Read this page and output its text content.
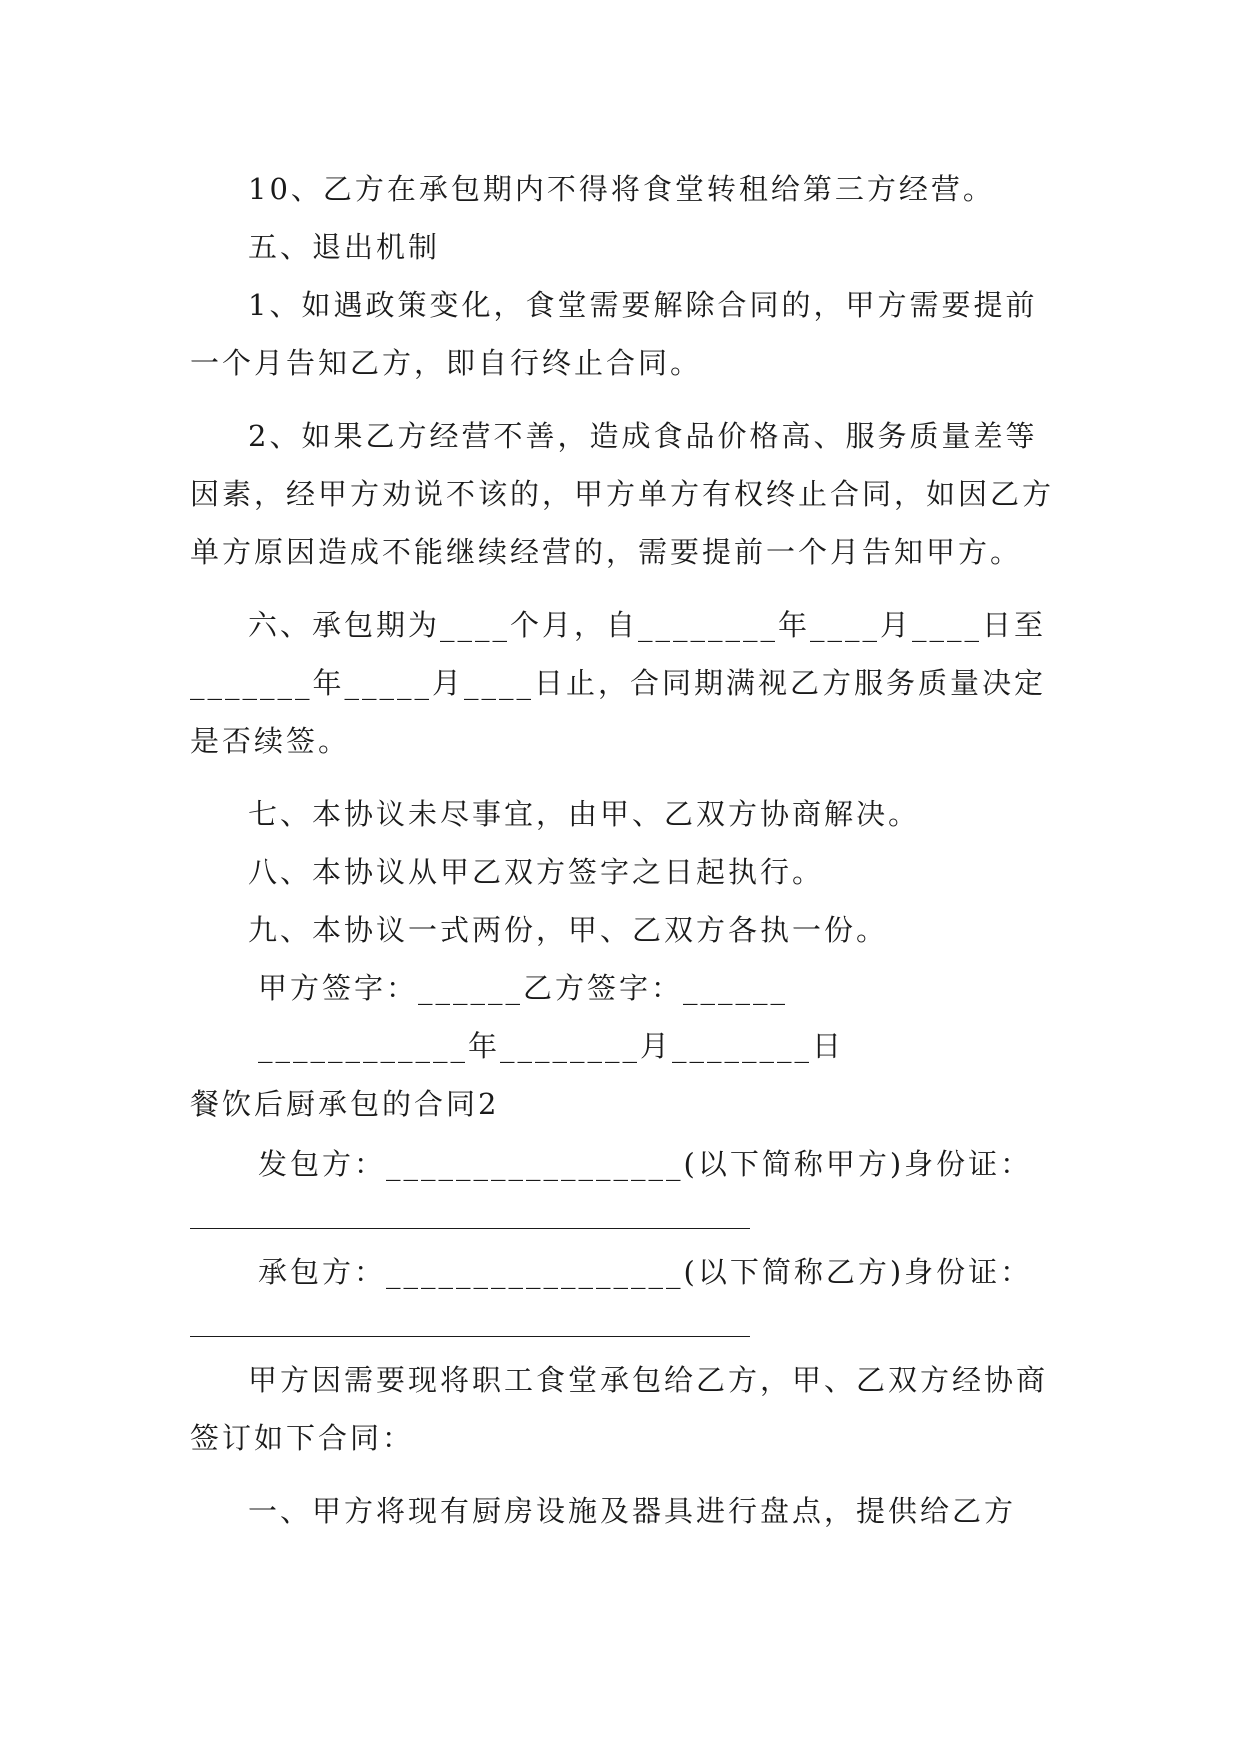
10、乙方在承包期内不得将食堂转租给第三方经营。

五、退出机制

1、如遇政策变化，食堂需要解除合同的，甲方需要提前一个月告知乙方，即自行终止合同。

2、如果乙方经营不善，造成食品价格高、服务质量差等因素，经甲方劝说不该的，甲方单方有权终止合同，如因乙方单方原因造成不能继续经营的，需要提前一个月告知甲方。

六、承包期为____个月，自________年____月____日至_______年_____月____日止，合同期满视乙方服务质量决定是否续签。

七、本协议未尽事宜，由甲、乙双方协商解决。

八、本协议从甲乙双方签字之日起执行。

九、本协议一式两份，甲、乙双方各执一份。

甲方签字：______乙方签字：______

____________年________月________日

餐饮后厨承包的合同2

发包方：_________________(以下简称甲方)身份证：

承包方：_________________(以下简称乙方)身份证：

甲方因需要现将职工食堂承包给乙方，甲、乙双方经协商签订如下合同：

一、甲方将现有厨房设施及器具进行盘点，提供给乙方
